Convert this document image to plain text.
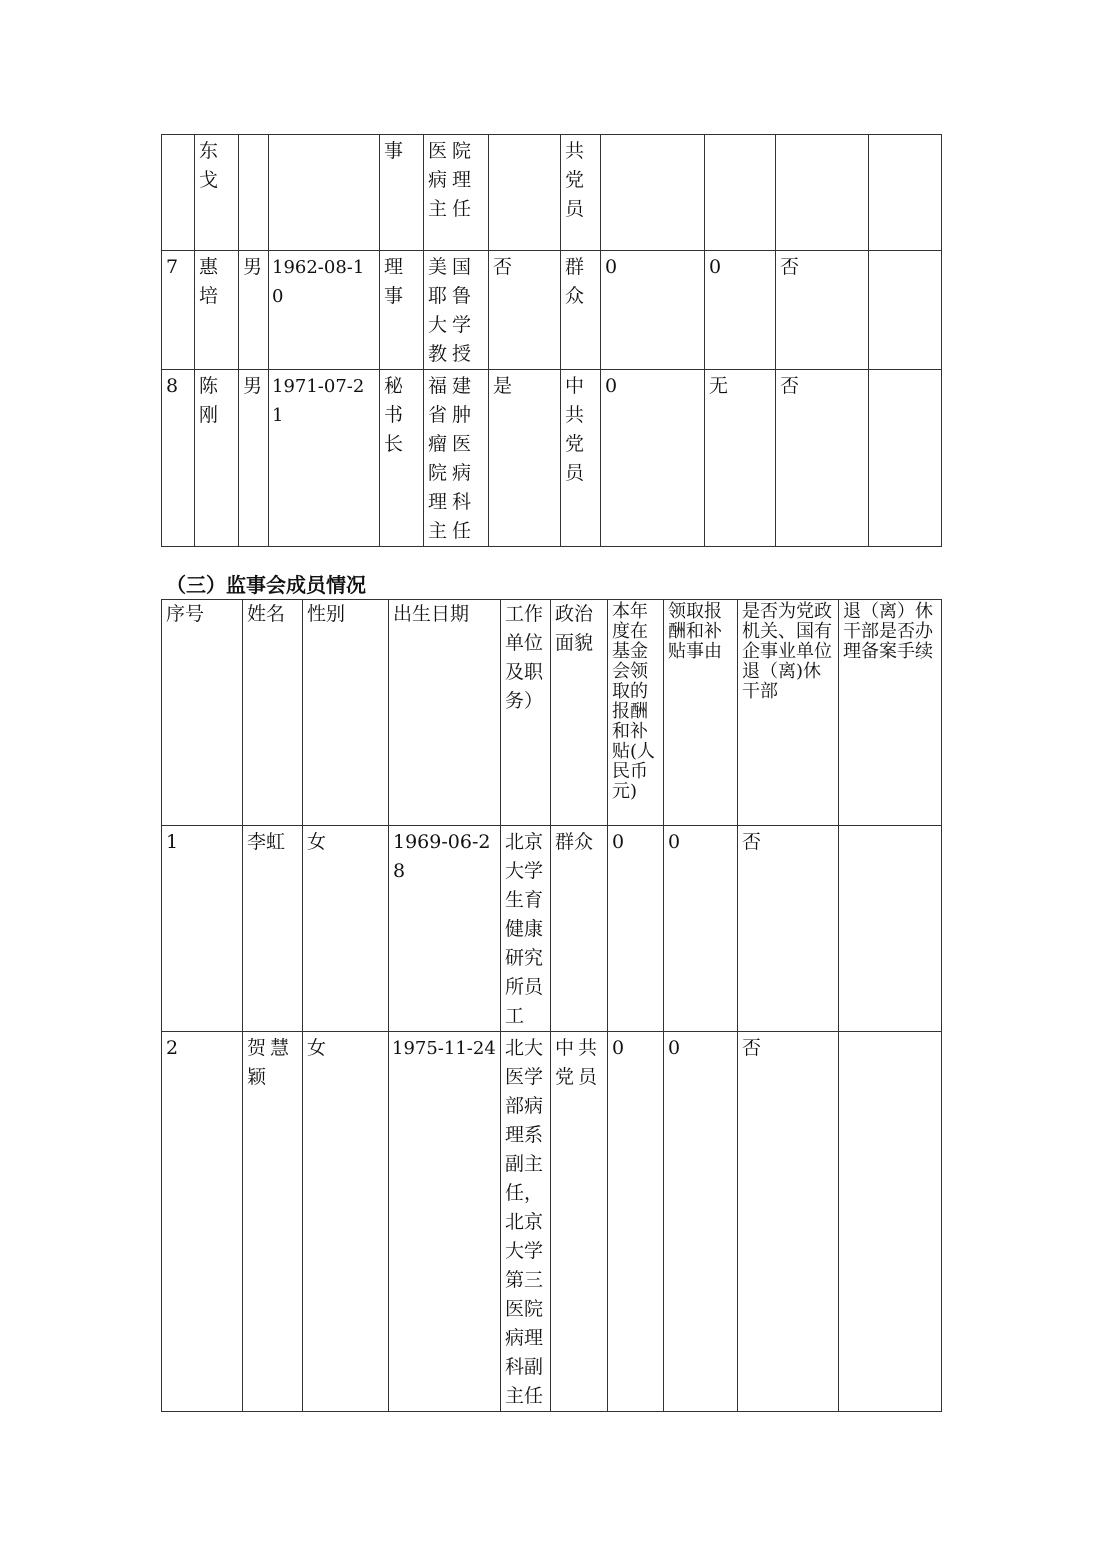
	东戈			事	医院病理主任		共党员				

7	惠培	男	1962-08-10	理事	美国耶鲁大学教授	否	群众	0	0	否	

8	陈刚	男	1971-07-21	秘书长	福建省肿瘤医院病理科主任	是	中共党员	0	无	否	

（三）监事会成员情况
序号	姓名	性别	出生日期	工作单位及职务）	政治面貌	本年度在基金会领取的报酬和补贴(人民币元)	领取报酬和补贴事由	是否为党政机关、国有企事业单位退（离)休干部	退（离）休干部是否办理备案手续

1	李虹	女	1969-06-28	北京大学生育健康研究所员工	群众	0	0	否	

2	贺慧颖	女	1975-11-24	北大医学部病理系副主任，北京大学第三医院病理科副主任	中共党员	0	0	否	
